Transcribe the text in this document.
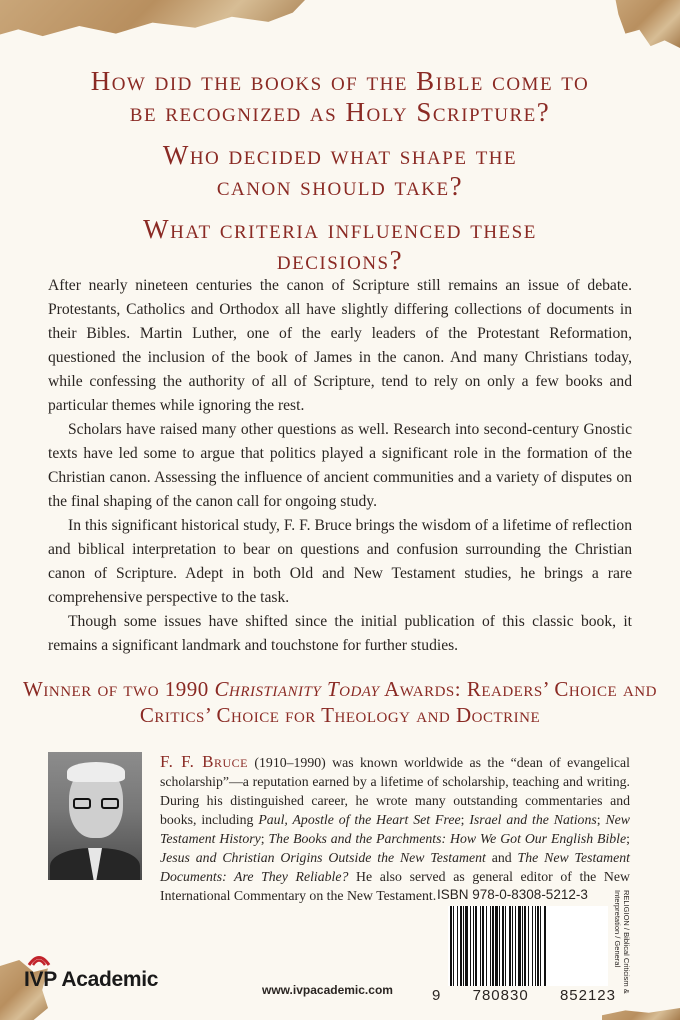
How did the books of the Bible come to be recognized as Holy Scripture?
Who decided what shape the canon should take?
What criteria influenced these decisions?

After nearly nineteen centuries the canon of Scripture still remains an issue of debate. Protestants, Catholics and Orthodox all have slightly differing collections of documents in their Bibles. Martin Luther, one of the early leaders of the Protestant Reformation, questioned the inclusion of the book of James in the canon. And many Christians today, while confessing the authority of all of Scripture, tend to rely on only a few books and particular themes while ignoring the rest.

Scholars have raised many other questions as well. Research into second-century Gnostic texts have led some to argue that politics played a significant role in the formation of the Christian canon. Assessing the influence of ancient communities and a variety of disputes on the final shaping of the canon call for ongoing study.

In this significant historical study, F. F. Bruce brings the wisdom of a lifetime of reflection and biblical interpretation to bear on questions and confusion surrounding the Christian canon of Scripture. Adept in both Old and New Testament studies, he brings a rare comprehensive perspective to the task.

Though some issues have shifted since the initial publication of this classic book, it remains a significant landmark and touchstone for further studies.

Winner of two 1990 Christianity Today Awards: Readers’ Choice and Critics’ Choice for Theology and Doctrine
F. F. Bruce (1910–1990) was known worldwide as the “dean of evangelical scholarship”—a reputation earned by a lifetime of scholarship, teaching and writing. During his distinguished career, he wrote many outstanding commentaries and books, including Paul, Apostle of the Heart Set Free; Israel and the Nations; New Testament History; The Books and the Parchments: How We Got Our English Bible; Jesus and Christian Origins Outside the New Testament and The New Testament Documents: Are They Reliable? He also served as general editor of the New International Commentary on the New Testament. ISBN 978-0-8308-5212-3
9 780830 852123
RELIGION / Biblical Criticism &
Interpretation / General
IVP Academic	www.ivpacademic.com
